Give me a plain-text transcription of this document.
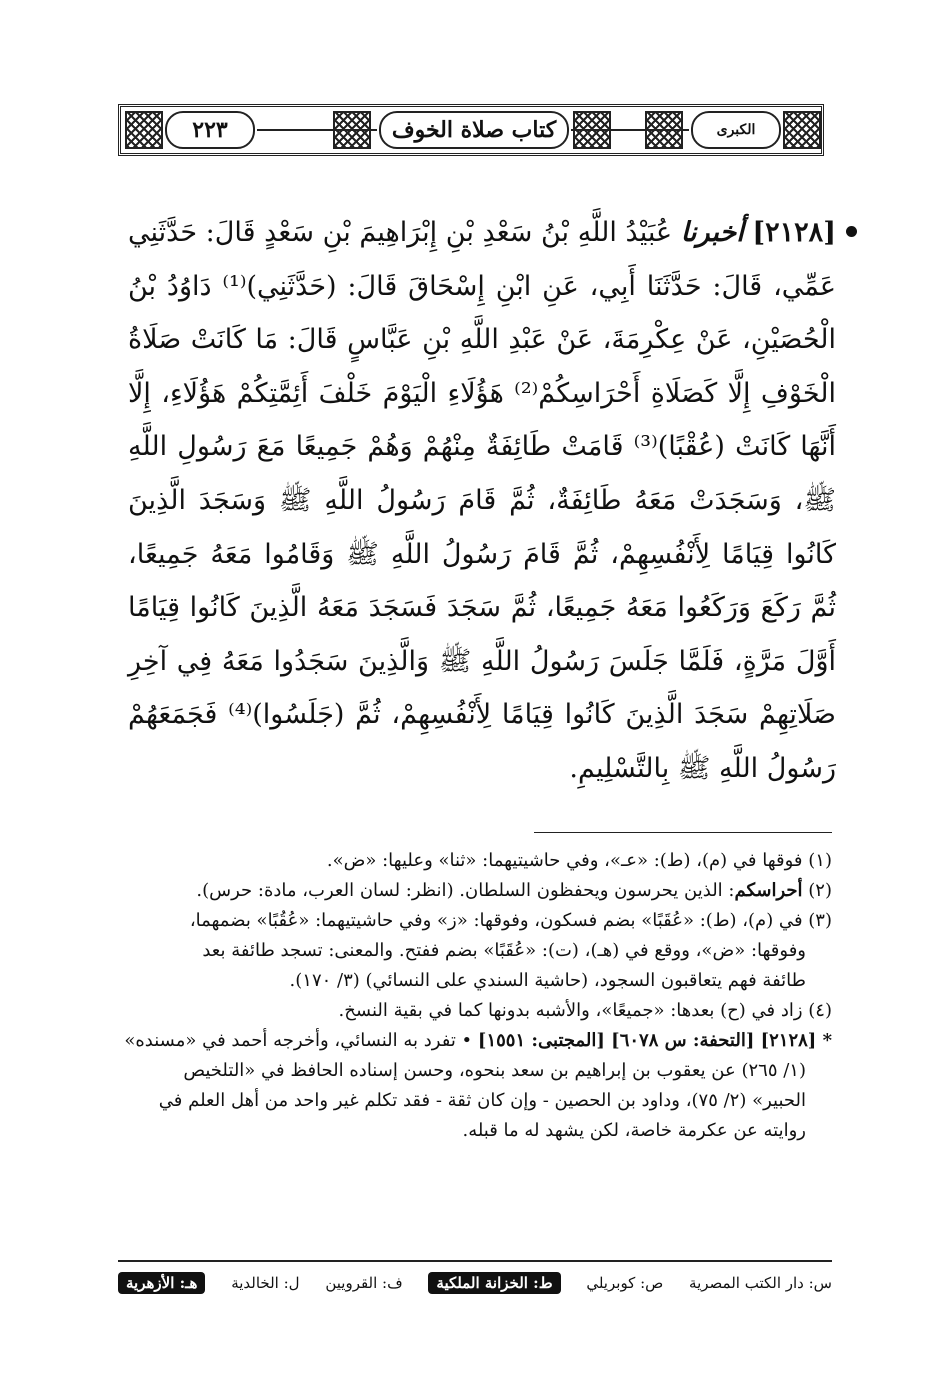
٢٢٣	كتاب صلاة الخوف	الكبرى

[٢١٢٨] أخبرنا عُبَيْدُ اللَّهِ بْنُ سَعْدِ بْنِ إِبْرَاهِيمَ بْنِ سَعْدٍ قَالَ: حَدَّثَنِي عَمِّي، قَالَ: حَدَّثَنَا أَبِي، عَنِ ابْنِ إِسْحَاقَ قَالَ: (حَدَّثَنِي)⁽¹⁾ دَاوُدُ بْنُ الْحُصَيْنِ، عَنْ عِكْرِمَةَ، عَنْ عَبْدِ اللَّهِ بْنِ عَبَّاسٍ قَالَ: مَا كَانَتْ صَلَاةُ الْخَوْفِ إِلَّا كَصَلَاةِ أَحْرَاسِكُمْ⁽²⁾ هَؤُلَاءِ الْيَوْمَ خَلْفَ أَئِمَّتِكُمْ هَؤُلَاءِ، إِلَّا أَنَّهَا كَانَتْ (عُقْبًا)⁽³⁾ قَامَتْ طَائِفَةٌ مِنْهُمْ وَهُمْ جَمِيعًا مَعَ رَسُولِ اللَّهِ ﷺ، وَسَجَدَتْ مَعَهُ طَائِفَةٌ، ثُمَّ قَامَ رَسُولُ اللَّهِ ﷺ وَسَجَدَ الَّذِينَ كَانُوا قِيَامًا لِأَنْفُسِهِمْ، ثُمَّ قَامَ رَسُولُ اللَّهِ ﷺ وَقَامُوا مَعَهُ جَمِيعًا، ثُمَّ رَكَعَ وَرَكَعُوا مَعَهُ جَمِيعًا، ثُمَّ سَجَدَ فَسَجَدَ مَعَهُ الَّذِينَ كَانُوا قِيَامًا أَوَّلَ مَرَّةٍ، فَلَمَّا جَلَسَ رَسُولُ اللَّهِ ﷺ وَالَّذِينَ سَجَدُوا مَعَهُ فِي آخِرِ صَلَاتِهِمْ سَجَدَ الَّذِينَ كَانُوا قِيَامًا لِأَنْفُسِهِمْ، ثُمَّ (جَلَسُوا)⁽⁴⁾ فَجَمَعَهُمْ رَسُولُ اللَّهِ ﷺ بِالتَّسْلِيمِ.

(١) فوقها في (م)، (ط): «عـ»، وفي حاشيتيهما: «ثنا» وعليها: «ض».

(٢) أحراسكم: الذين يحرسون ويحفظون السلطان. (انظر: لسان العرب، مادة: حرس).

(٣) في (م)، (ط): «عُقَبًا» بضم فسكون، وفوقها: «ز» وفي حاشيتيهما: «عُقُبًا» بضمهما،

وفوقها: «ض»، ووقع في (هـ)، (ت): «عُقَبًا» بضم ففتح. والمعنى: تسجد طائفة بعد

طائفة فهم يتعاقبون السجود، (حاشية السندي على النسائي) (٣/ ١٧٠).

(٤) زاد في (ح) بعدها: «جميعًا»، والأشبه بدونها كما في بقية النسخ.

* [٢١٢٨] [التحفة: س ٦٠٧٨] [المجتبى: ١٥٥١] • تفرد به النسائي، وأخرجه أحمد في «مسنده»

(١/ ٢٦٥) عن يعقوب بن إبراهيم بن سعد بنحوه، وحسن إسناده الحافظ في «التلخيص

الحبير» (٢/ ٧٥)، وداود بن الحصين - وإن كان ثقة - فقد تكلم غير واحد من أهل العلم في

روايته عن عكرمة خاصة، لكن يشهد له ما قبله.

س: دار الكتب المصرية
ص: كوبريلي
ط: الخزانة الملكية
ف: القرويين
ل: الخالدية
هـ: الأزهرية
